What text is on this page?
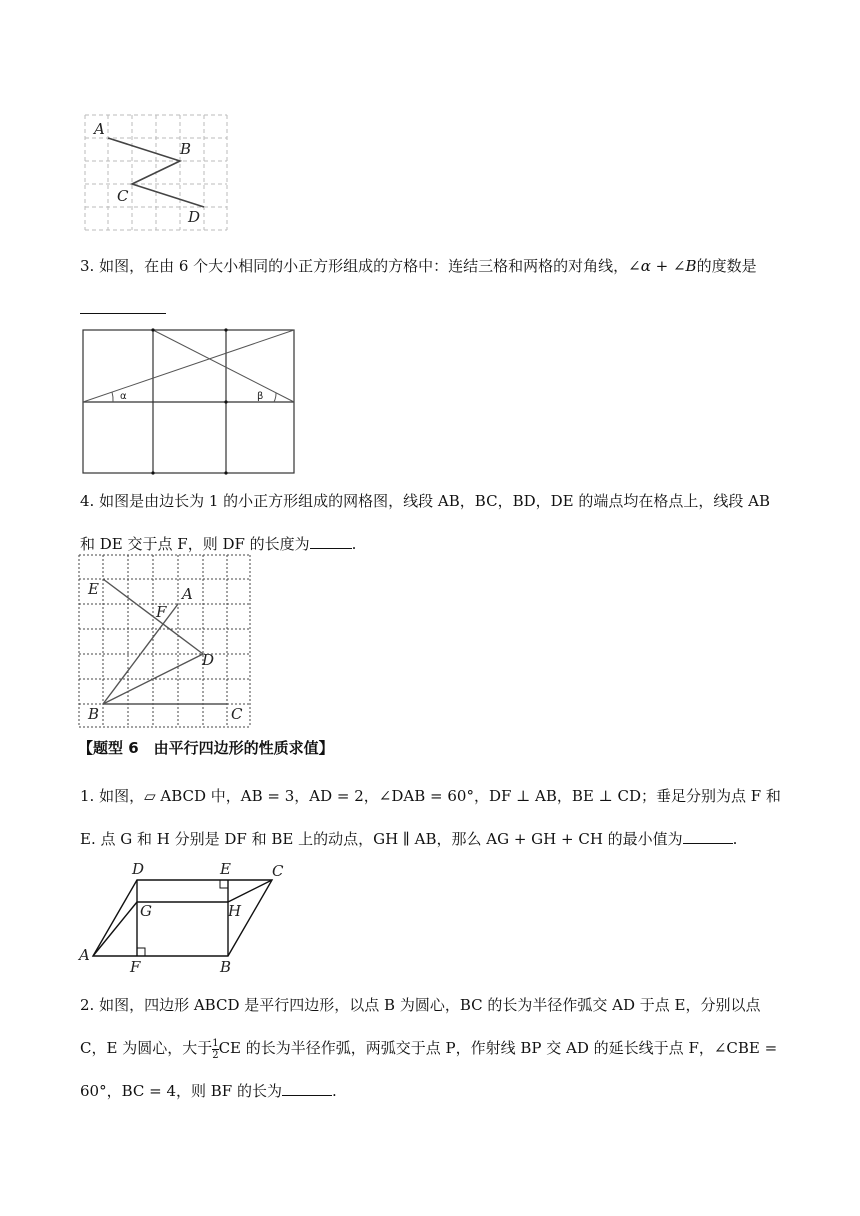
A
B
C
D

3. 如图，在由 6 个大小相同的小正方形组成的方格中：连结三格和两格的对角线，∠α + ∠B的度数是

α	β

4. 如图是由边长为 1 的小正方形组成的网格图，线段 AB，BC，BD，DE 的端点均在格点上，线段 AB 和 DE 交于点 F，则 DF 的长度为	.

E
F
A
D
B	C

【题型 6　由平行四边形的性质求值】

1. 如图，▱ ABCD 中，AB = 3，AD = 2，∠DAB = 60°，DF ⊥ AB，BE ⊥ CD；垂足分别为点 F 和 E. 点 G 和 H 分别是 DF 和 BE 上的动点，GH ∥ AB，那么 AG + GH + CH 的最小值为	.

D	E	C
G	H
A
F	B

2. 如图，四边形 ABCD 是平行四边形，以点 B 为圆心，BC 的长为半径作弧交 AD 于点 E，分别以点 C，E 为圆心，大于 $\frac{1}{2}$ CE 的长为半径作弧，两弧交于点 P，作射线 BP 交 AD 的延长线于点 F，∠CBE = 60°，BC = 4，则 BF 的长为	.
